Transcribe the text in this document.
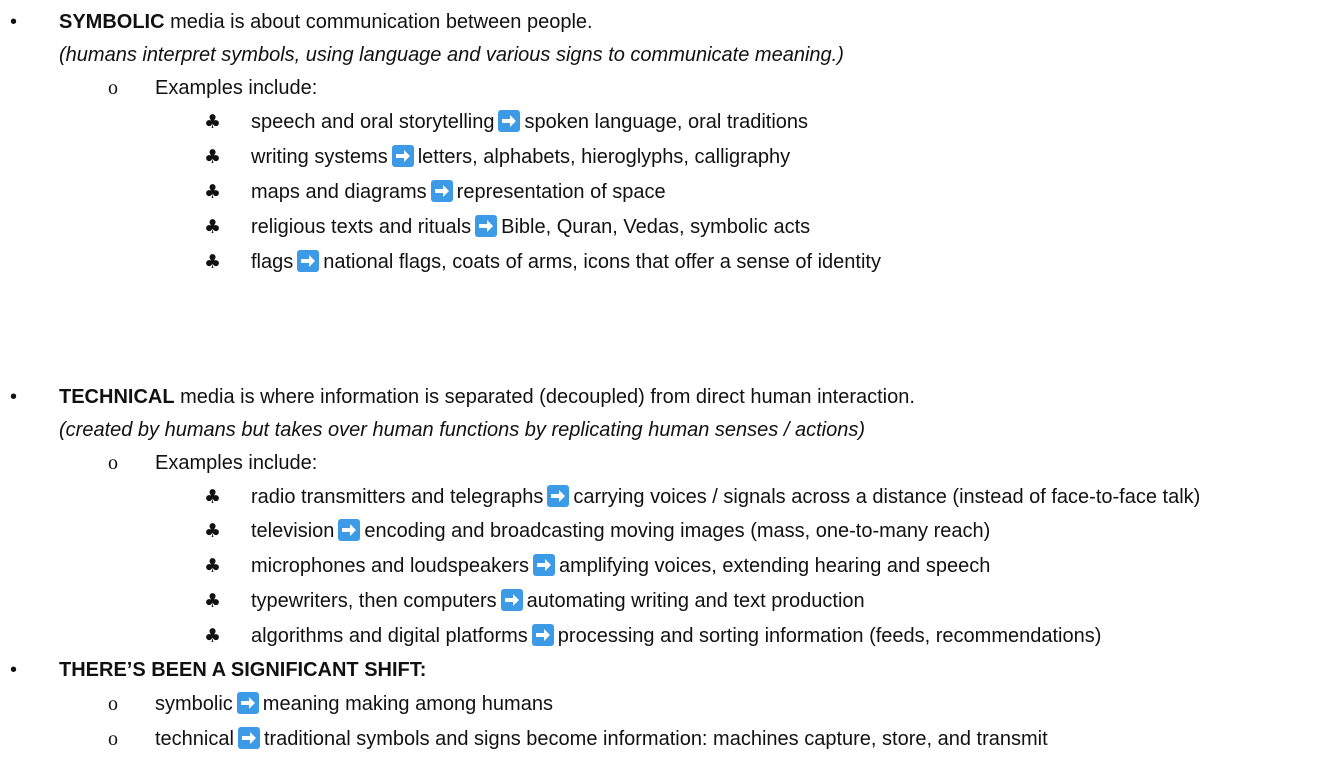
• SYMBOLIC media is about communication between people.
(humans interpret symbols, using language and various signs to communicate meaning.)
o Examples include:
♣ speech and oral storytelling spoken language, oral traditions
♣ writing systems letters, alphabets, hieroglyphs, calligraphy
♣ maps and diagrams representation of space
♣ religious texts and rituals Bible, Quran, Vedas, symbolic acts
♣ flags national flags, coats of arms, icons that offer a sense of identity
• TECHNICAL media is where information is separated (decoupled) from direct human interaction.
(created by humans but takes over human functions by replicating human senses / actions)
o Examples include:
♣ radio transmitters and telegraphs carrying voices / signals across a distance (instead of face-to-face talk)
♣ television encoding and broadcasting moving images (mass, one-to-many reach)
♣ microphones and loudspeakers amplifying voices, extending hearing and speech
♣ typewriters, then computers automating writing and text production
♣ algorithms and digital platforms processing and sorting information (feeds, recommendations)
• THERE’S BEEN A SIGNIFICANT SHIFT:
o symbolic meaning making among humans
o technical traditional symbols and signs become information: machines capture, store, and transmit
